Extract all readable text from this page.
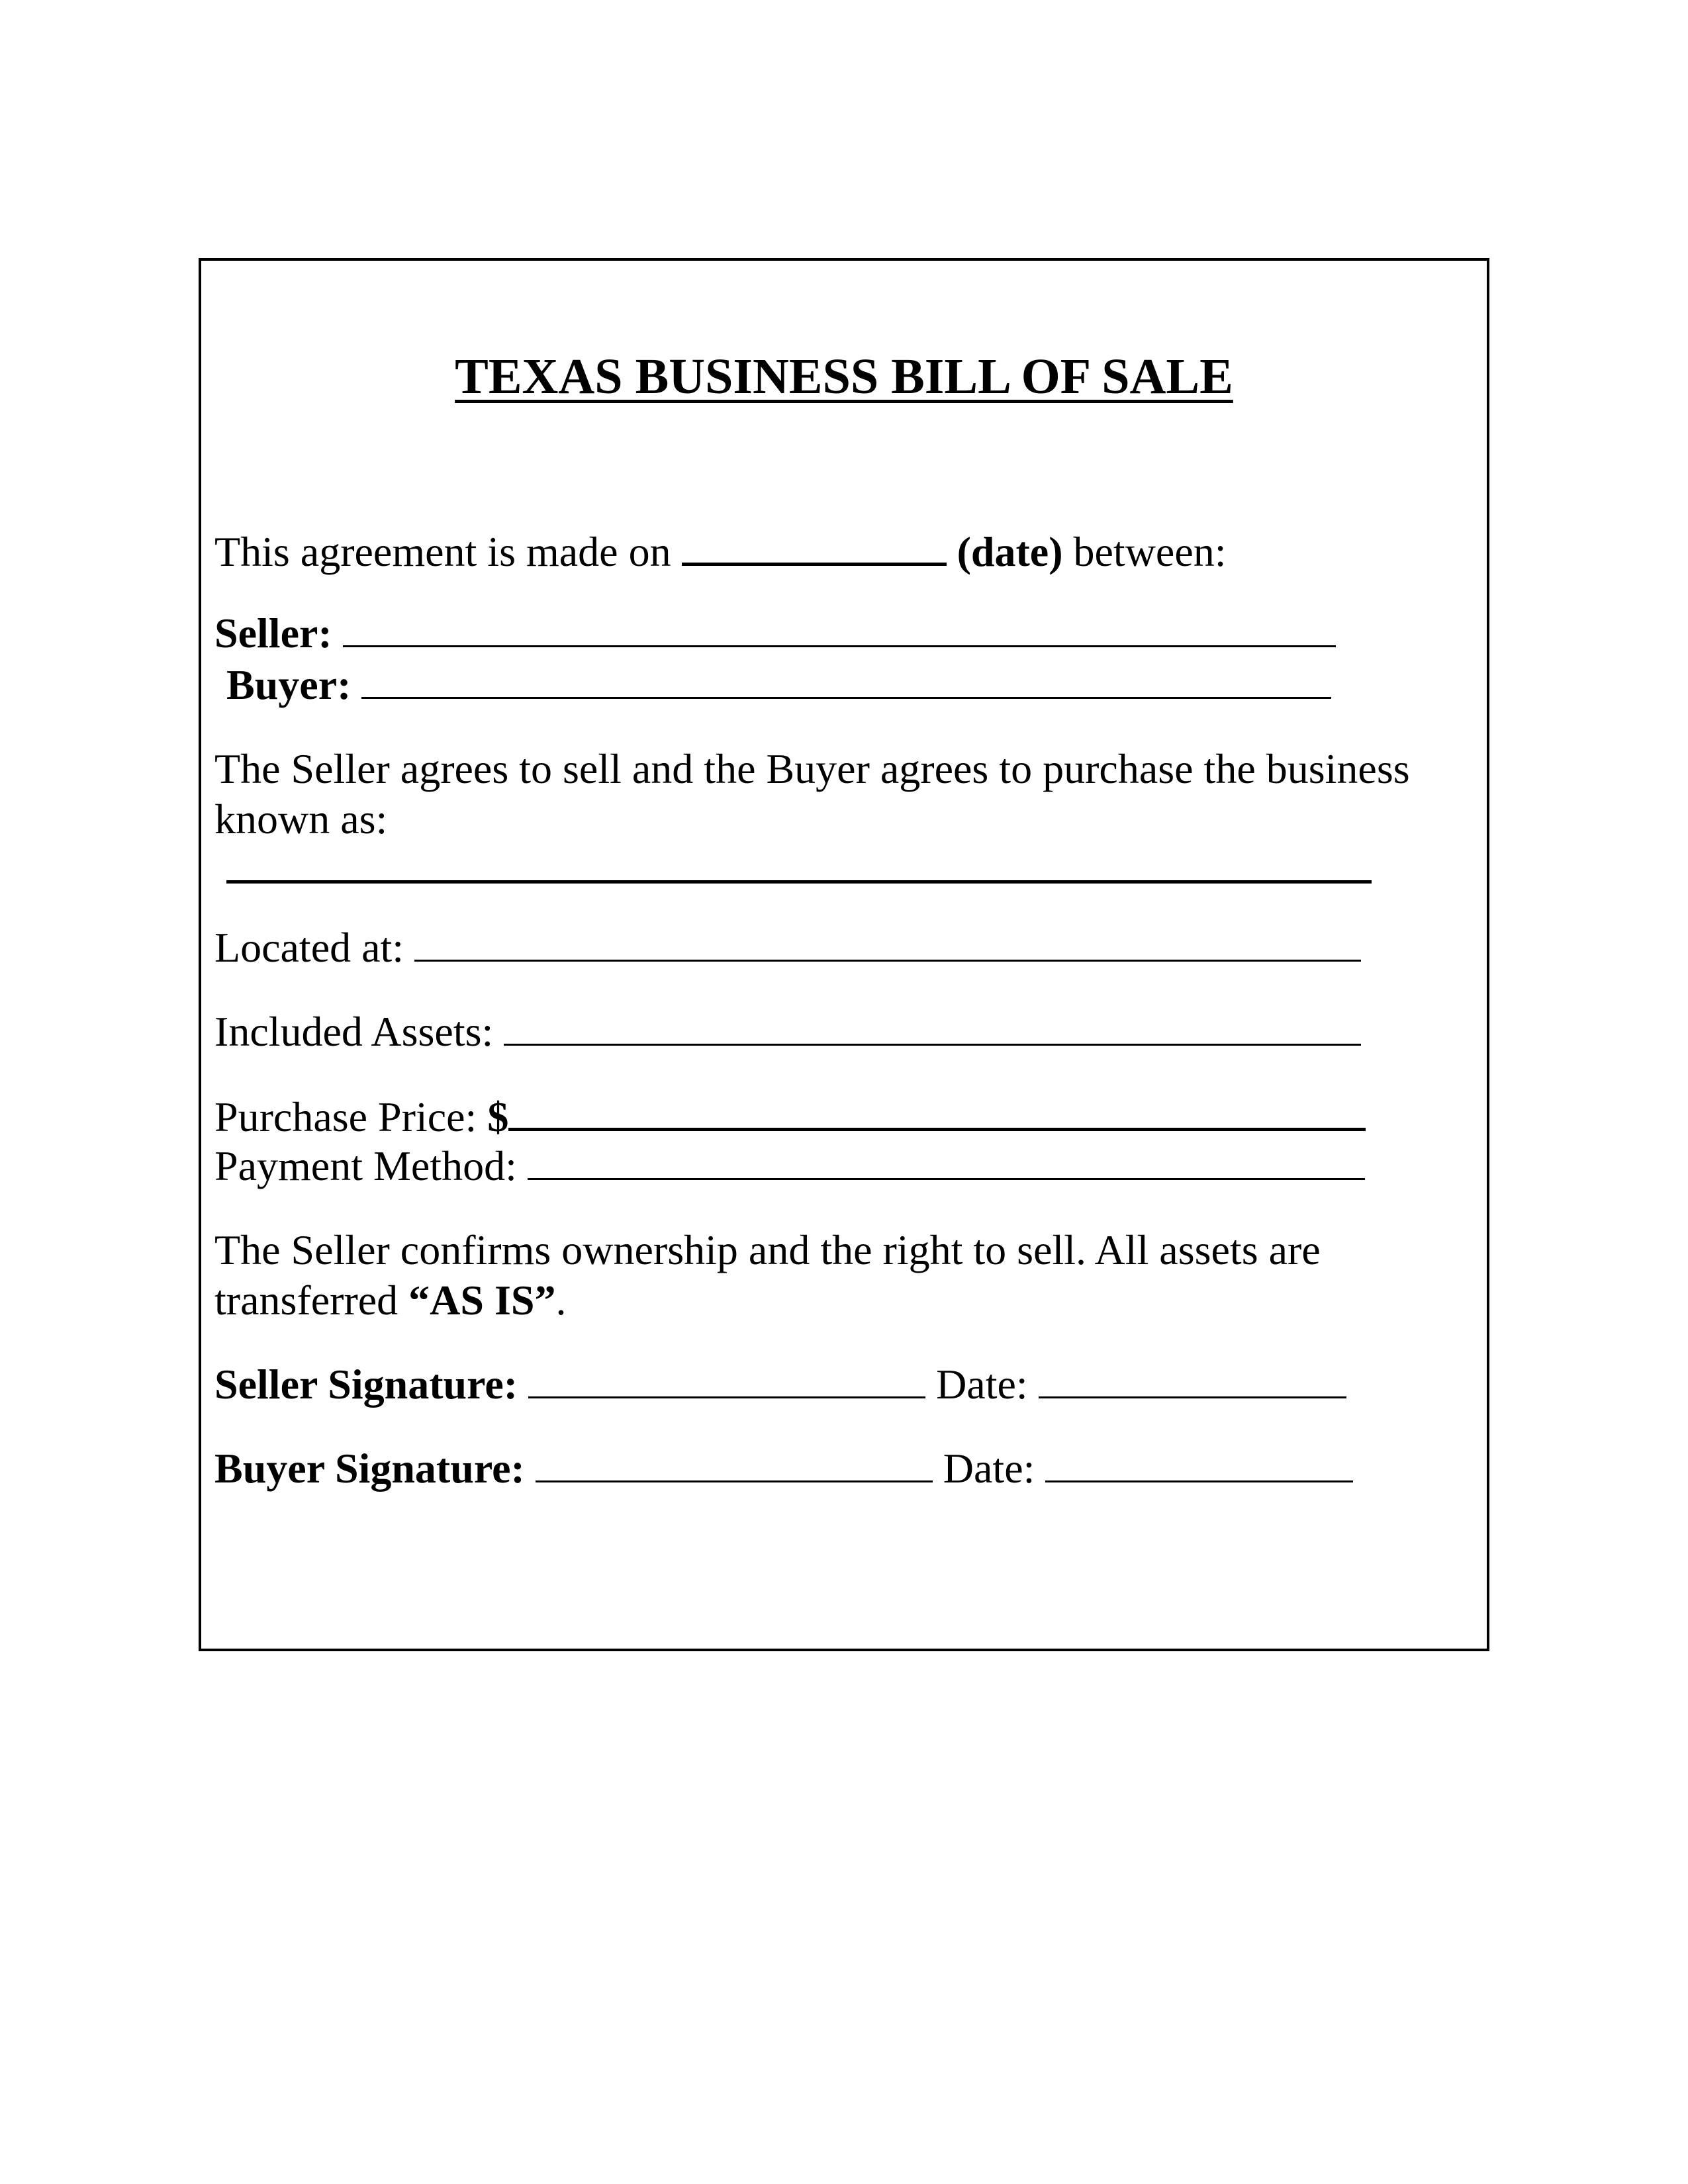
TEXAS BUSINESS BILL OF SALE
This agreement is made on	(date) between:
Seller:
Buyer:
The Seller agrees to sell and the Buyer agrees to purchase the business
known as:
Located at:
Included Assets:
Purchase Price: $
Payment Method:
The Seller confirms ownership and the right to sell. All assets are
transferred “AS IS”.
Seller Signature:	Date:
Buyer Signature:	Date:
